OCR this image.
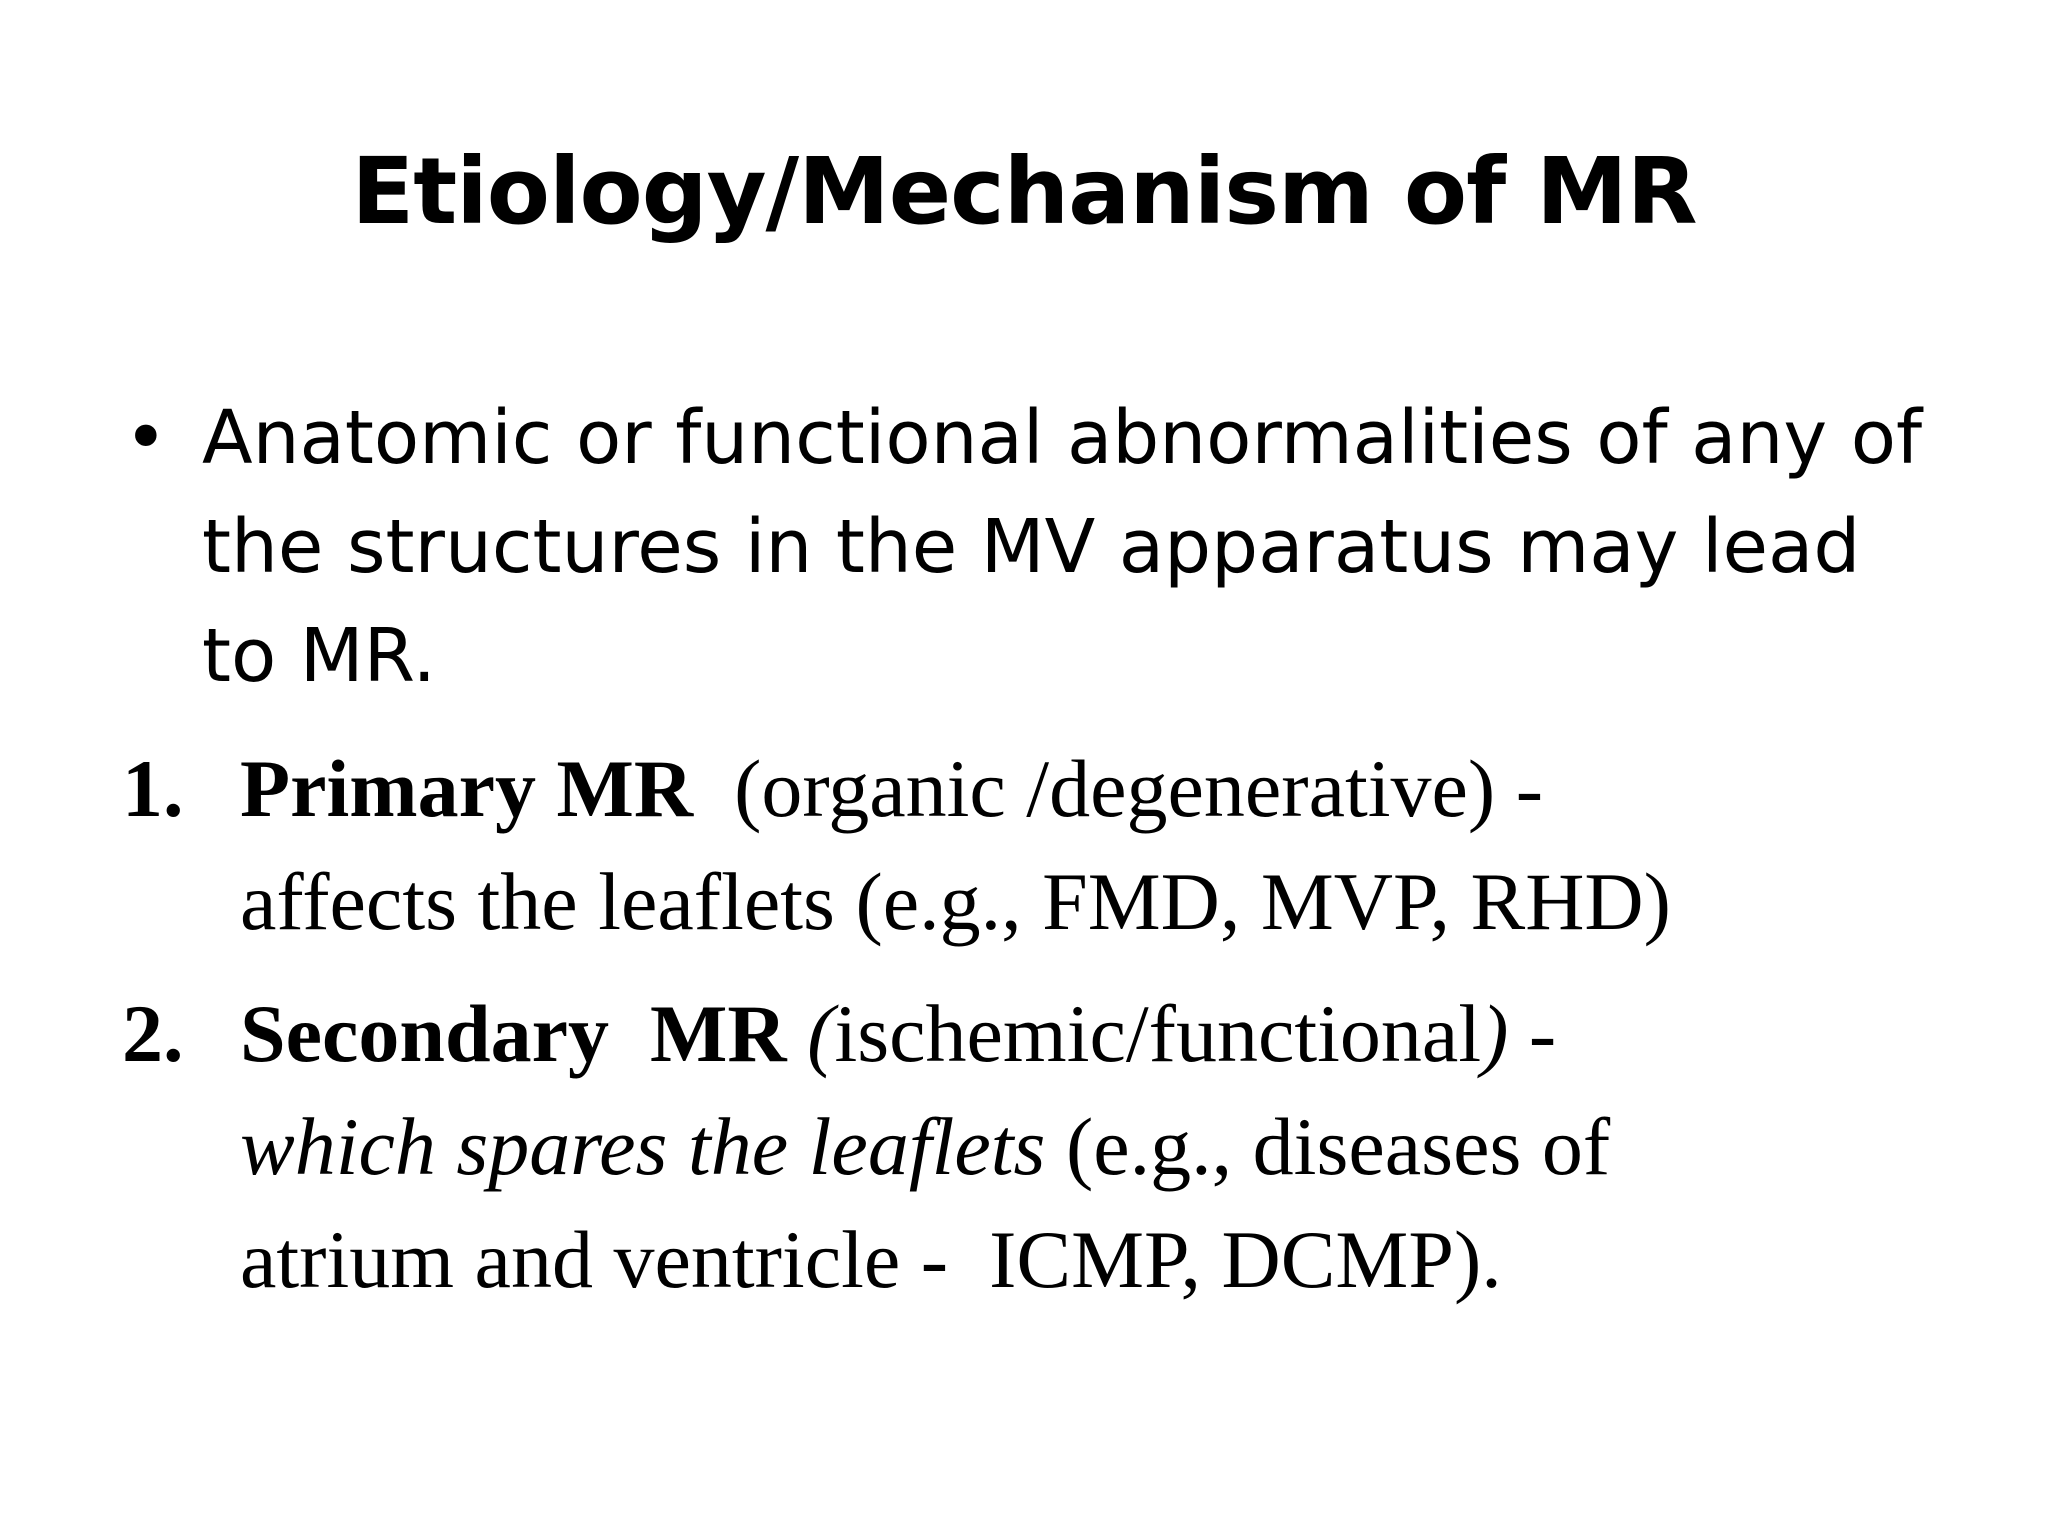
Etiology/Mechanism of MR
• Anatomic or functional abnormalities of any of
the structures in the MV apparatus may lead
to MR.
1. Primary MR  (organic /degenerative) -
affects the leaflets (e.g., FMD, MVP, RHD)
2. Secondary  MR (ischemic/functional) -
which spares the leaflets (e.g., diseases of
atrium and ventricle -  ICMP, DCMP).
